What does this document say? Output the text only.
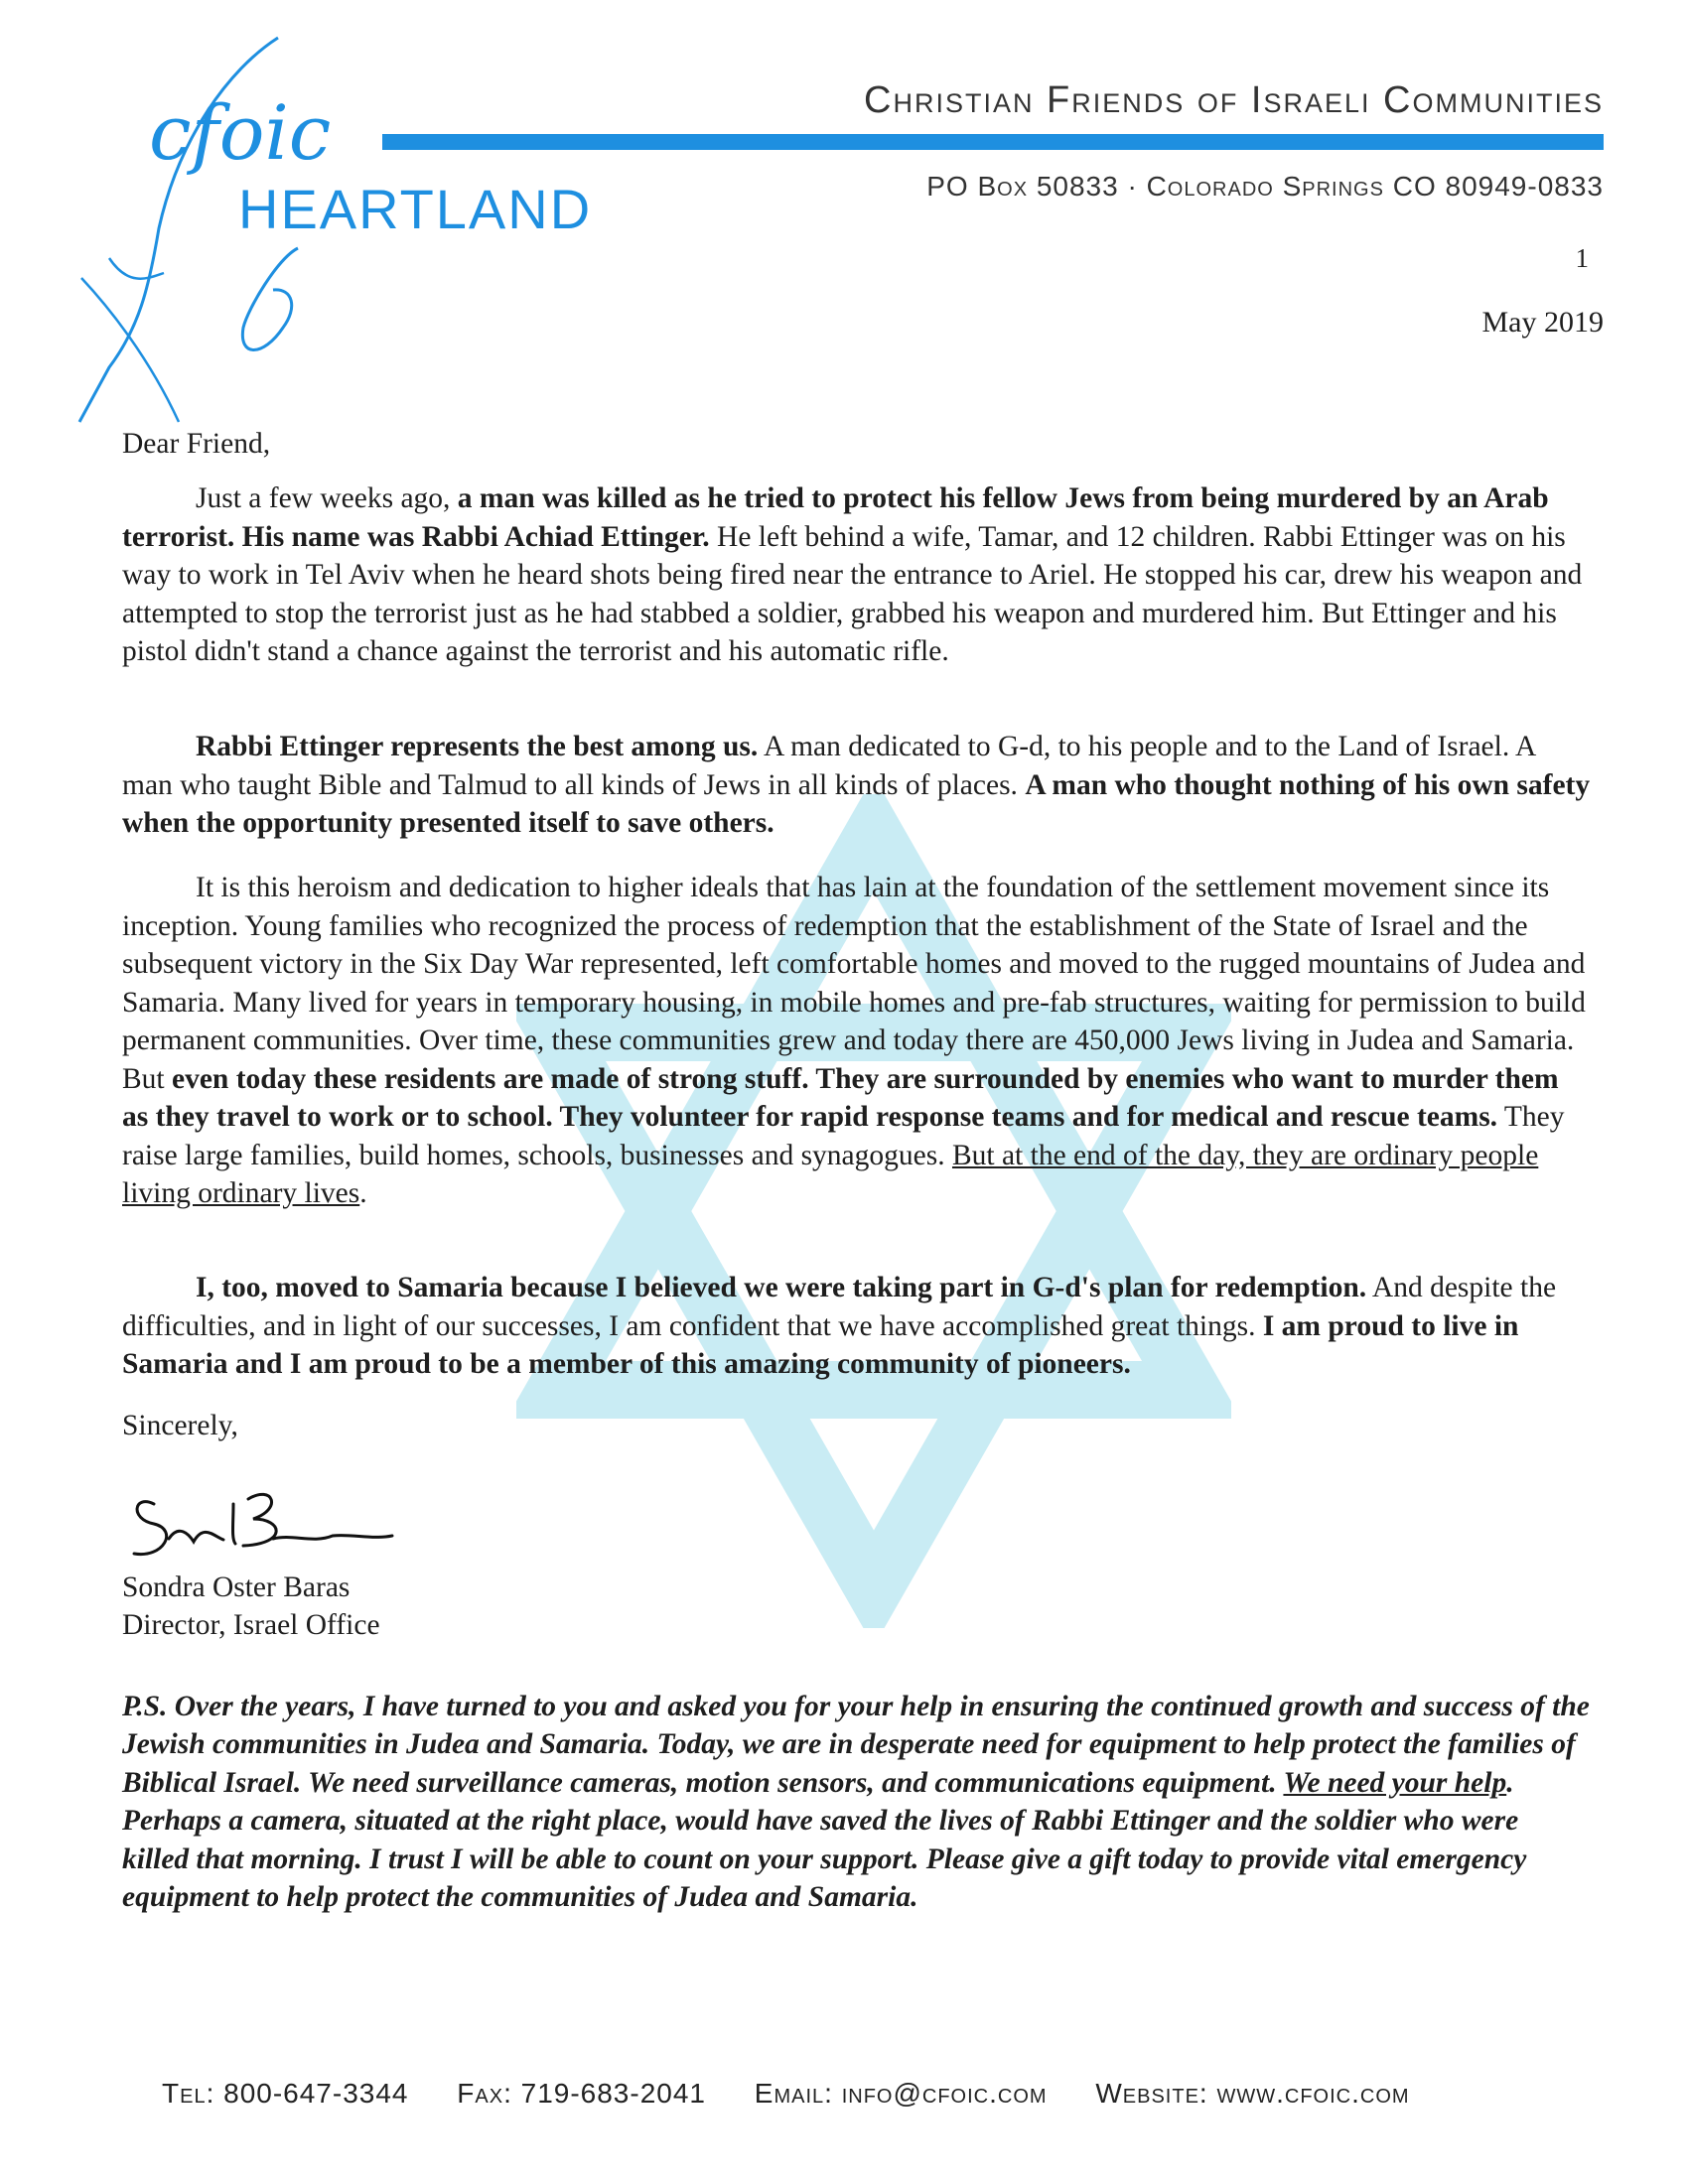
cfoic
HEARTLAND
Christian Friends of Israeli Communities
PO Box 50833 · Colorado Springs CO 80949-0833
1
May 2019
Dear Friend,

Just a few weeks ago, a man was killed as he tried to protect his fellow Jews from being murdered by an Arab terrorist. His name was Rabbi Achiad Ettinger. He left behind a wife, Tamar, and 12 children. Rabbi Ettinger was on his way to work in Tel Aviv when he heard shots being fired near the entrance to Ariel. He stopped his car, drew his weapon and attempted to stop the terrorist just as he had stabbed a soldier, grabbed his weapon and murdered him. But Ettinger and his pistol didn't stand a chance against the terrorist and his automatic rifle.

Rabbi Ettinger represents the best among us. A man dedicated to G-d, to his people and to the Land of Israel. A man who taught Bible and Talmud to all kinds of Jews in all kinds of places. A man who thought nothing of his own safety when the opportunity presented itself to save others.

It is this heroism and dedication to higher ideals that has lain at the foundation of the settlement movement since its inception. Young families who recognized the process of redemption that the establishment of the State of Israel and the subsequent victory in the Six Day War represented, left comfortable homes and moved to the rugged mountains of Judea and Samaria. Many lived for years in temporary housing, in mobile homes and pre-fab structures, waiting for permission to build permanent communities. Over time, these communities grew and today there are 450,000 Jews living in Judea and Samaria. But even today these residents are made of strong stuff. They are surrounded by enemies who want to murder them as they travel to work or to school. They volunteer for rapid response teams and for medical and rescue teams. They raise large families, build homes, schools, businesses and synagogues. But at the end of the day, they are ordinary people living ordinary lives.

I, too, moved to Samaria because I believed we were taking part in G-d's plan for redemption. And despite the difficulties, and in light of our successes, I am confident that we have accomplished great things. I am proud to live in Samaria and I am proud to be a member of this amazing community of pioneers.

Sincerely,
Sondra Oster Baras
Director, Israel Office

P.S. Over the years, I have turned to you and asked you for your help in ensuring the continued growth and success of the Jewish communities in Judea and Samaria. Today, we are in desperate need for equipment to help protect the families of Biblical Israel. We need surveillance cameras, motion sensors, and communications equipment. We need your help. Perhaps a camera, situated at the right place, would have saved the lives of Rabbi Ettinger and the soldier who were killed that morning. I trust I will be able to count on your support. Please give a gift today to provide vital emergency equipment to help protect the communities of Judea and Samaria.

Tel: 800-647-3344 Fax: 719-683-2041 Email: info@cfoic.com Website: www.cfoic.com
